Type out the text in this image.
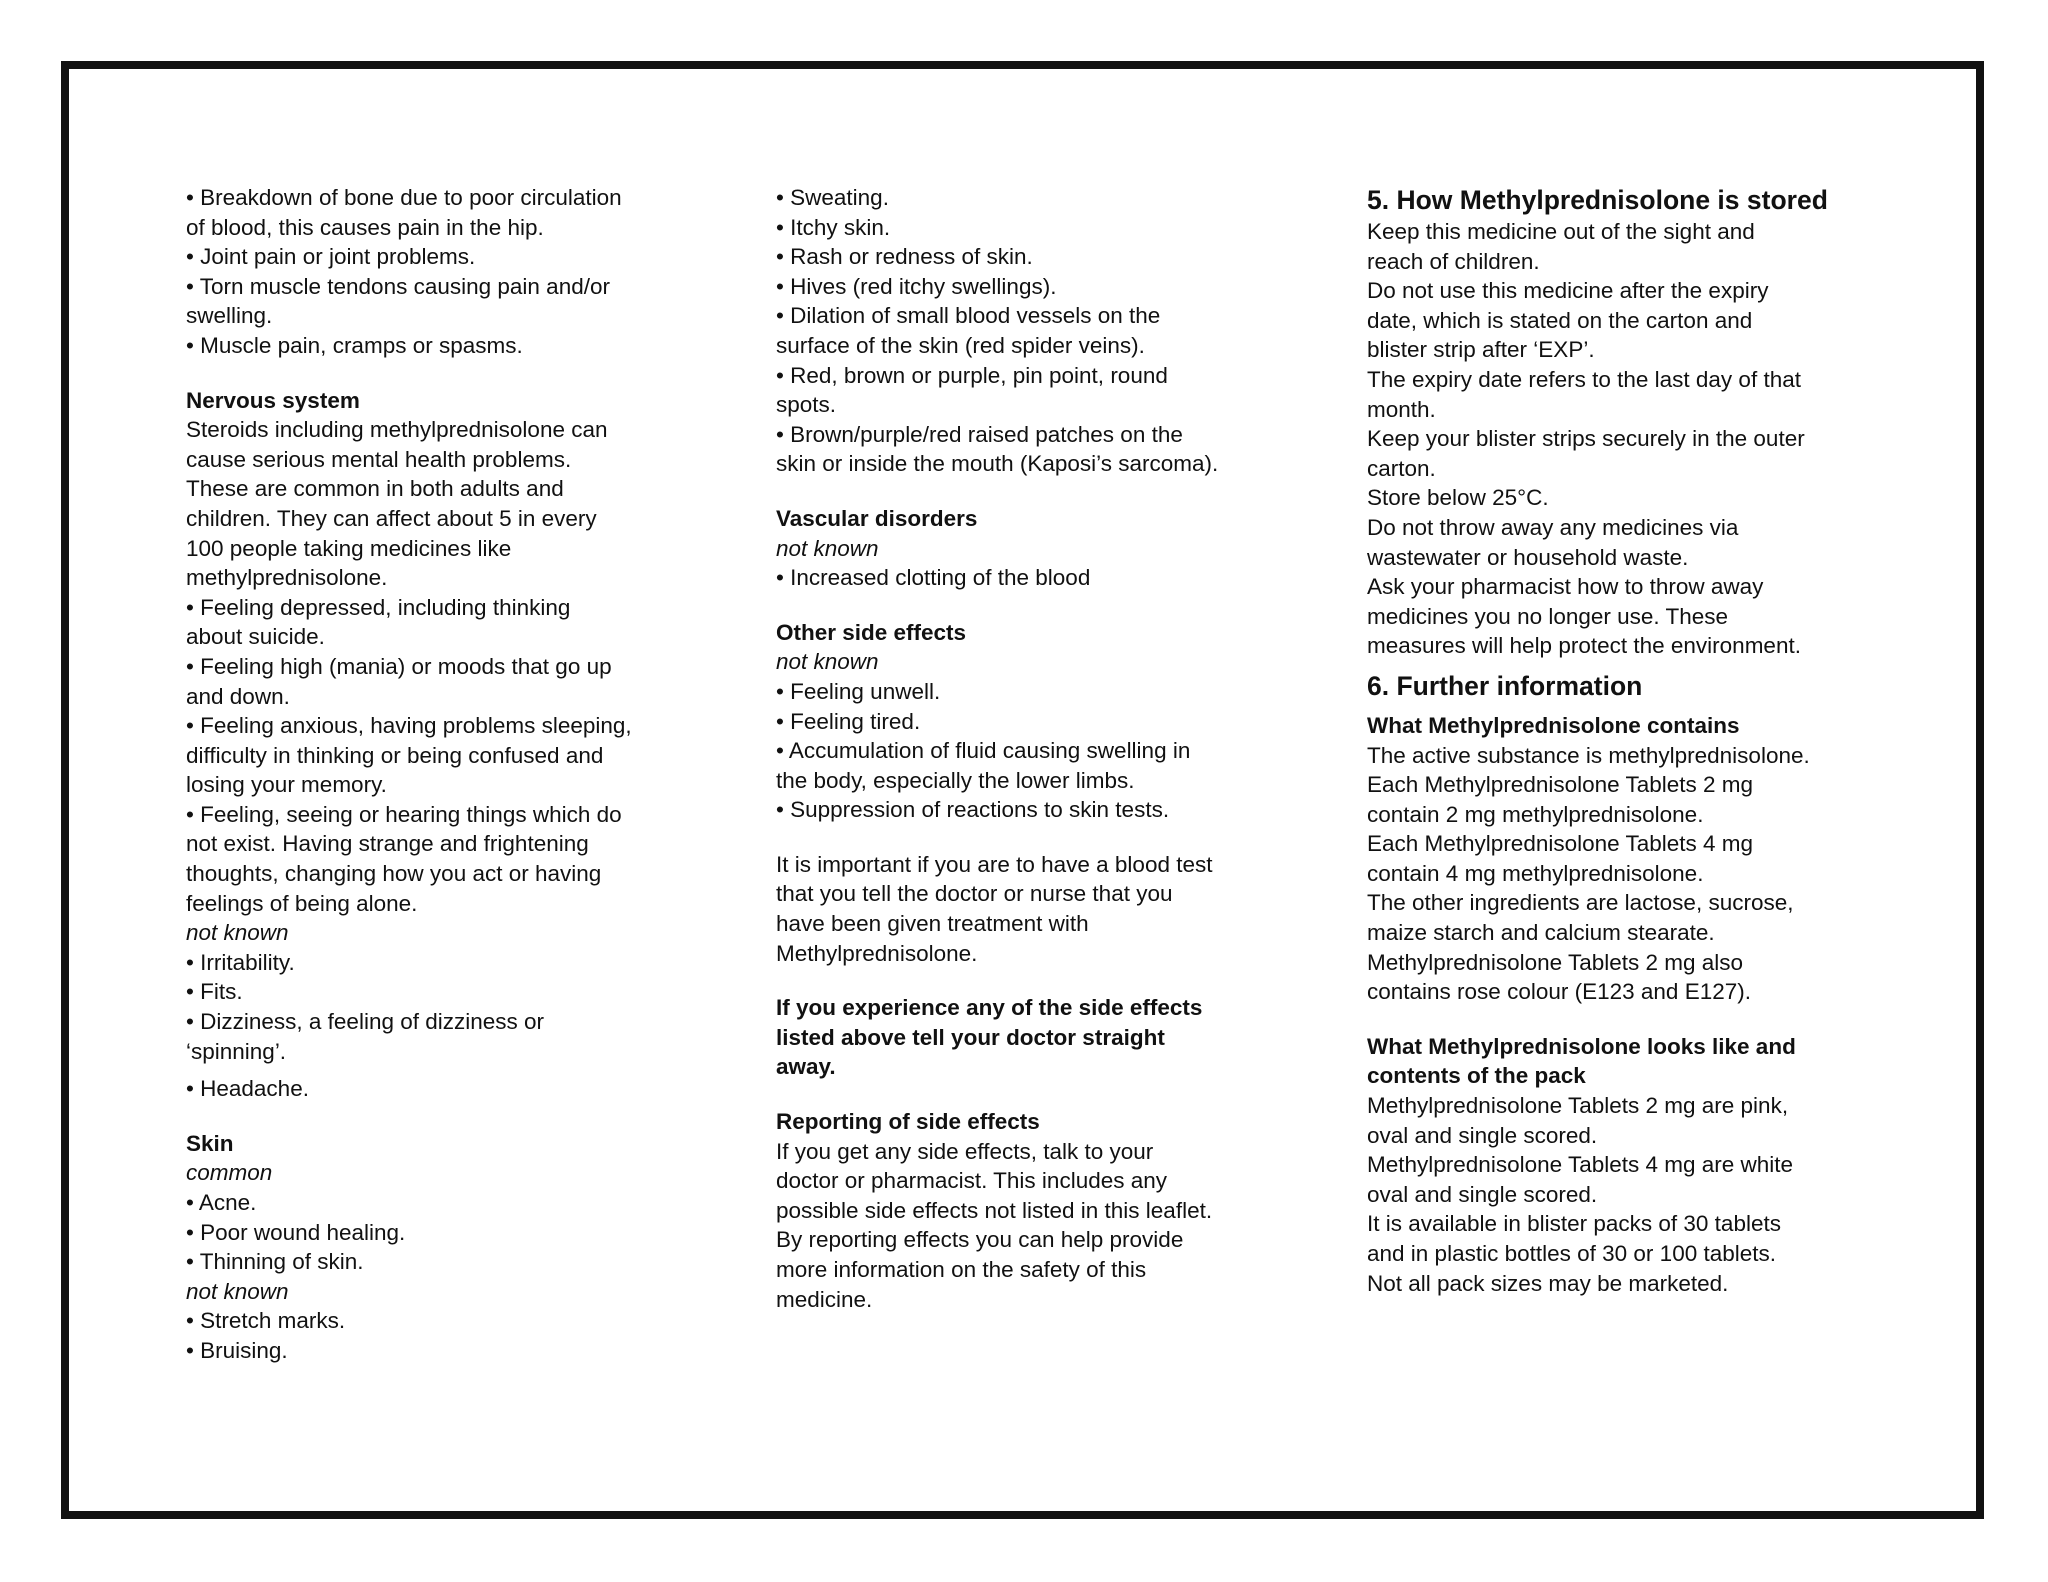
• Breakdown of bone due to poor circulation
of blood, this causes pain in the hip.
• Joint pain or joint problems.
• Torn muscle tendons causing pain and/or
swelling.
• Muscle pain, cramps or spasms.
Nervous system
Steroids including methylprednisolone can
cause serious mental health problems.
These are common in both adults and
children. They can affect about 5 in every
100 people taking medicines like
methylprednisolone.
• Feeling depressed, including thinking
about suicide.
• Feeling high (mania) or moods that go up
and down.
• Feeling anxious, having problems sleeping,
difficulty in thinking or being confused and
losing your memory.
• Feeling, seeing or hearing things which do
not exist. Having strange and frightening
thoughts, changing how you act or having
feelings of being alone.
not known
• Irritability.
• Fits.
• Dizziness, a feeling of dizziness or
‘spinning’.
• Headache.
Skin
common
• Acne.
• Poor wound healing.
• Thinning of skin.
not known
• Stretch marks.
• Bruising.
• Sweating.
• Itchy skin.
• Rash or redness of skin.
• Hives (red itchy swellings).
• Dilation of small blood vessels on the
surface of the skin (red spider veins).
• Red, brown or purple, pin point, round
spots.
• Brown/purple/red raised patches on the
skin or inside the mouth (Kaposi’s sarcoma).
Vascular disorders
not known
• Increased clotting of the blood
Other side effects
not known
• Feeling unwell.
• Feeling tired.
• Accumulation of fluid causing swelling in
the body, especially the lower limbs.
• Suppression of reactions to skin tests.
It is important if you are to have a blood test
that you tell the doctor or nurse that you
have been given treatment with
Methylprednisolone.
If you experience any of the side effects
listed above tell your doctor straight
away.
Reporting of side effects
If you get any side effects, talk to your
doctor or pharmacist. This includes any
possible side effects not listed in this leaflet.
By reporting effects you can help provide
more information on the safety of this
medicine.
5. How Methylprednisolone is stored
Keep this medicine out of the sight and
reach of children.
Do not use this medicine after the expiry
date, which is stated on the carton and
blister strip after ‘EXP’.
The expiry date refers to the last day of that
month.
Keep your blister strips securely in the outer
carton.
Store below 25°C.
Do not throw away any medicines via
wastewater or household waste.
Ask your pharmacist how to throw away
medicines you no longer use. These
measures will help protect the environment.
6. Further information
What Methylprednisolone contains
The active substance is methylprednisolone.
Each Methylprednisolone Tablets 2 mg
contain 2 mg methylprednisolone.
Each Methylprednisolone Tablets 4 mg
contain 4 mg methylprednisolone.
The other ingredients are lactose, sucrose,
maize starch and calcium stearate.
Methylprednisolone Tablets 2 mg also
contains rose colour (E123 and E127).
What Methylprednisolone looks like and
contents of the pack
Methylprednisolone Tablets 2 mg are pink,
oval and single scored.
Methylprednisolone Tablets 4 mg are white
oval and single scored.
It is available in blister packs of 30 tablets
and in plastic bottles of 30 or 100 tablets.
Not all pack sizes may be marketed.
